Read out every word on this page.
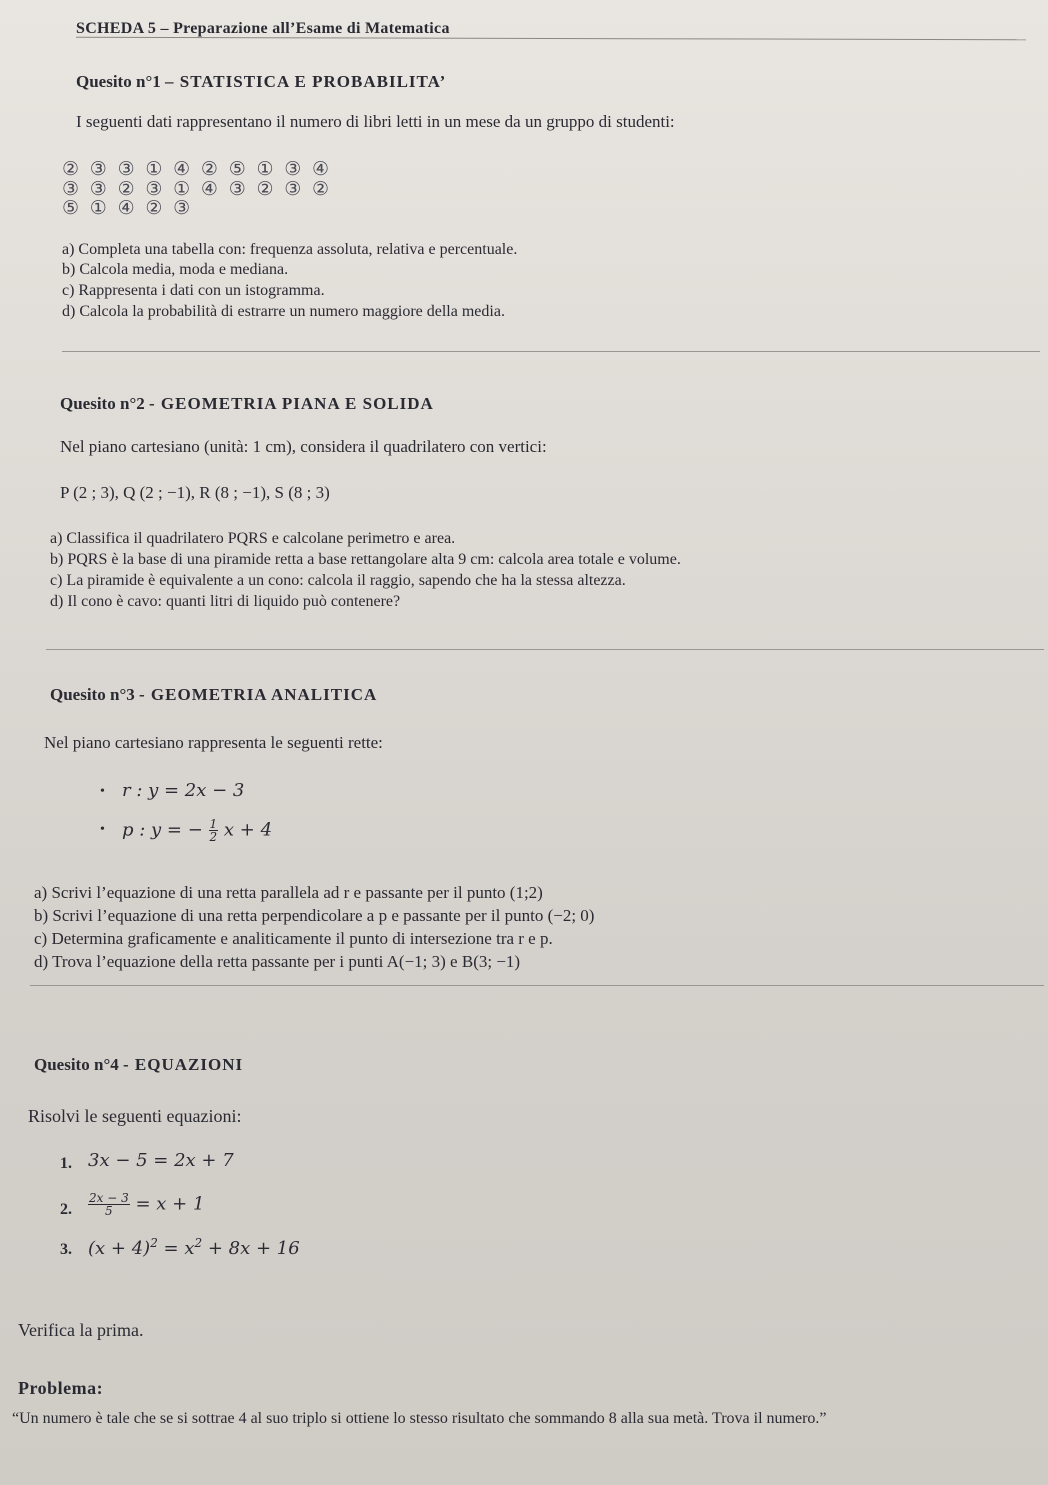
SCHEDA 5 – Preparazione all’Esame di Matematica
Quesito n°1 – STATISTICA E PROBABILITA’
I seguenti dati rappresentano il numero di libri letti in un mese da un gruppo di studenti:
② ③ ③ ① ④ ② ⑤ ① ③ ④
③ ③ ② ③ ① ④ ③ ② ③ ②
⑤ ① ④ ② ③
a) Completa una tabella con: frequenza assoluta, relativa e percentuale.
b) Calcola media, moda e mediana.
c) Rappresenta i dati con un istogramma.
d) Calcola la probabilità di estrarre un numero maggiore della media.
Quesito n°2 - GEOMETRIA PIANA E SOLIDA
Nel piano cartesiano (unità: 1 cm), considera il quadrilatero con vertici:
P (2 ; 3), Q (2 ; −1), R (8 ; −1), S (8 ; 3)
a) Classifica il quadrilatero PQRS e calcolane perimetro e area.
b) PQRS è la base di una piramide retta a base rettangolare alta 9 cm: calcola area totale e volume.
c) La piramide è equivalente a un cono: calcola il raggio, sapendo che ha la stessa altezza.
d) Il cono è cavo: quanti litri di liquido può contenere?
Quesito n°3 - GEOMETRIA ANALITICA
Nel piano cartesiano rappresenta le seguenti rette:
• r : y = 2x − 3
• p : y = − $\frac{1}{2}$ x + 4
a) Scrivi l’equazione di una retta parallela ad r e passante per il punto (1;2)
b) Scrivi l’equazione di una retta perpendicolare a p e passante per il punto (−2; 0)
c) Determina graficamente e analiticamente il punto di intersezione tra r e p.
d) Trova l’equazione della retta passante per i punti A(−1; 3) e B(3; −1)
Quesito n°4 - EQUAZIONI
Risolvi le seguenti equazioni:
1. 3x − 5 = 2x + 7
2. $\frac{2x - 3}{5} = x + 1$
3. $(x + 4)^2 = x^2 + 8x + 16$
Verifica la prima.
Problema:
“Un numero è tale che se si sottrae 4 al suo triplo si ottiene lo stesso risultato che sommando 8 alla sua metà. Trova il numero.”
